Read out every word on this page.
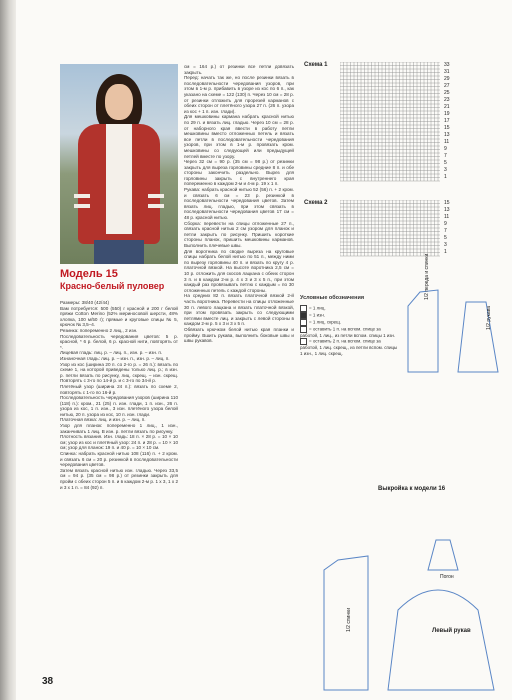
Модель 15

Красно-белый пуловер

Размеры: 38/40 (42/44)

Вам потребуется: 500 (550) г красной и 200 г белой пряжи Cotton Merino (52% мериносовой шерсти, 48% хлопка, 100 м/50 г); прямые и круговые спицы № 5, крючок № 3,5–4.

Резинка: попеременно 2 лиц., 2 изн.

Последовательность чередования цветов: 5 р. красной, * 6 р. белой, 6 р. красной нити, повторять от *.

Лицевая гладь: лиц. р. – лиц. п., изн. р. – изн. п.

Изнаночная гладь: лиц. р. – изн. п., изн. р. – лиц. п.

Узор из кос (ширина 20 п. со 2-го р. = 26 п.): вязать по схеме 1, на которой приведены только лиц. р.; в изн. р. петли вязать по рисунку, лиц. скрещ. – изн. скрещ. Повторять с 3-го по 14-й р. и с 3-го по 34-й р.

Плетёный узор (ширина 24 п.): вязать по схеме 2, повторять с 1-го по 16-й р.

Последовательность чередования узоров (ширина 110 (118) п.): кром., 21 (25) п. изн. глади, 1 п. изн., 26 п. узора из кос, 1 п. изн., 3 изн. плетёного узора белой нитью, 20 п. узора из кос, 10 п. изн. глади.

Платочная вязка: лиц. и изн. р. – лиц. п.

Узор для планок: попеременно 1 лиц., 1 изн., заканчивать 1 лиц. В изн. р. петли вязать по рисунку.

Плотность вязания. Изн. гладь: 18 п. × 28 р. = 10 × 10 см; узор из кос и плетёный узор: 24 п. и 28 р. = 10 × 10 см; узор для планок: 19 п. и 40 р. = 10 × 10 см.

Спинка: набрать красной нитью 108 (116) п. + 2 кром. и связать 6 см = 20 р. резинкой в последовательности чередования цветов.

Затем вязать красной нитью изн. гладью. Через 33,5 см = 94 р. (35 см = 98 р.) от резинки закрыть для пройм с обеих сторон 5 п. и в каждом 2-м р. 1 х 3, 1 х 2 и 3 х 1 п. = 84 (92) п.

см = 164 р.) от резинки все петли довязать закрыть.

Перед: начать так же, но после резинки вязать в последовательности чередования узоров, при этом в 1-м р. прибавить в узоре из кос по 6 п., как указано на схеме = 122 (130) п. Через 10 см = 28 р. от резинки отложить для прорезей карманов с обеих сторон от плетёного узора 27 п. (26 п. узора из кос + 1 п. изн. глади).

Для мешковины кармана набрать красной нитью по 29 п. и вязать лиц. гладью. Через 10 см = 28 р. от наборного края ввести в работу петли мешковины вместо отложенных петель и вязать все петли в последовательности чередования узоров, при этом в 1-м р. провязать кром. мешковины со следующей или предыдущей петлей вместе по узору.

Через 32 см = 90 р. (35 см = 98 р.) от резинки закрыть для выреза горловины средние 8 п. и обе стороны закончить раздельно. Вырез для горловины закрыть с внутреннего края попеременно в каждом 2-м и 4-м р. 19 х 1 п.

Рукава: набрать красной нитью 52 (56) п. + 2 кром. и связать 6 см = 23 р. резинкой в последовательности чередования цветов. Затем вязать лиц. гладью, при этом связать в последовательности чередования цветов 17 см = 48 р. красной нитью.

Сборка: перевести на спицы отложенные 27 п., связать красной нитью 2 см узором для планок и петли закрыть по рисунку. Пришить короткие стороны планок, пришить мешковины карманов. Выполнить плечевые швы.

Для воротника по сводке выреза на круговые спицы набрать белой нитью по 51 п., между ними по вырезу горловины 40 п. и вязать по кругу 4 р. платочной вязкой. На высоте воротника 2,5 см = 10 р. отложить для скосов лацкана с обеих сторон 3 п. и в каждом 2-м р. 4 х 3 и 3 х 5 п., при этом каждый раз провязывать петлю с каждым = по 30 отложенных петель с каждой стороны.

На средних 82 п. вязать платочной вязкой 2-й часть воротника. Перевести на спицы отложенные 30 п. левого лацкана и вязать платочной вязкой, при этом провязать закрыть со следующими петлями вместе лиц. и закрыть с левой стороны в каждом 2-м р. 5 х 3 и 3 х 5 п.

Обвязать крючком белой нитью края планки и пройму. Вшить рукава, выполнить боковые швы и швы рукавов.

Схема 1	33
31
29
27
25
23
21
19
17
15
13
11
9
7
5
3
1
Схема 2	15
13
11
9
7
5
3
1
Условные обозначения
= 1 лиц.
= 1 изн.
= 1 лиц. скрещ.
= оставить 1 п. на вспом. спице за работой, 1 лиц., из петли вспом. спицы 1 изн.
= оставить 2 п. на вспом. спице за работой, 1 лиц. скрещ., из петли вспом. спицы 1 изн., 1 лиц. скрещ.
1/2 переда и спинки
1/2 рукава
Выкройка к модели 16
Левый рукав
Погон
1/2 спинки
38
